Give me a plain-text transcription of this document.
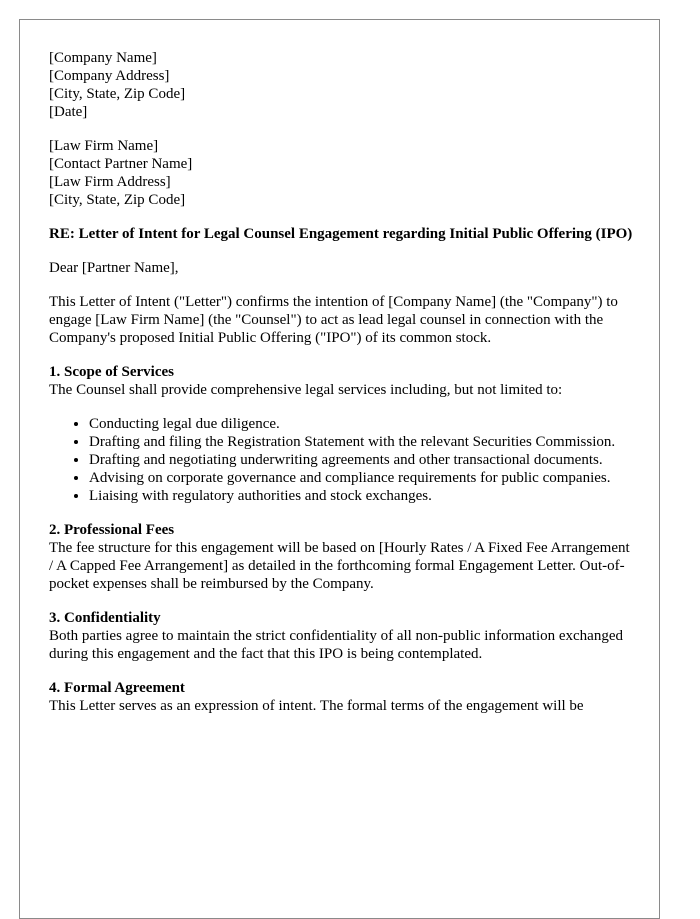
[Company Name]
[Company Address]
[City, State, Zip Code]
[Date]
[Law Firm Name]
[Contact Partner Name]
[Law Firm Address]
[City, State, Zip Code]

RE: Letter of Intent for Legal Counsel Engagement regarding Initial Public Offering (IPO)

Dear [Partner Name],

This Letter of Intent ("Letter") confirms the intention of [Company Name] (the "Company") to engage [Law Firm Name] (the "Counsel") to act as lead legal counsel in connection with the Company's proposed Initial Public Offering ("IPO") of its common stock.

1. Scope of Services

The Counsel shall provide comprehensive legal services including, but not limited to:

• Conducting legal due diligence.
• Drafting and filing the Registration Statement with the relevant Securities Commission.
• Drafting and negotiating underwriting agreements and other transactional documents.
• Advising on corporate governance and compliance requirements for public companies.
• Liaising with regulatory authorities and stock exchanges.
2. Professional Fees

The fee structure for this engagement will be based on [Hourly Rates / A Fixed Fee Arrangement / A Capped Fee Arrangement] as detailed in the forthcoming formal Engagement Letter. Out-of-pocket expenses shall be reimbursed by the Company.

3. Confidentiality

Both parties agree to maintain the strict confidentiality of all non-public information exchanged during this engagement and the fact that this IPO is being contemplated.

4. Formal Agreement

This Letter serves as an expression of intent. The formal terms of the engagement will be
